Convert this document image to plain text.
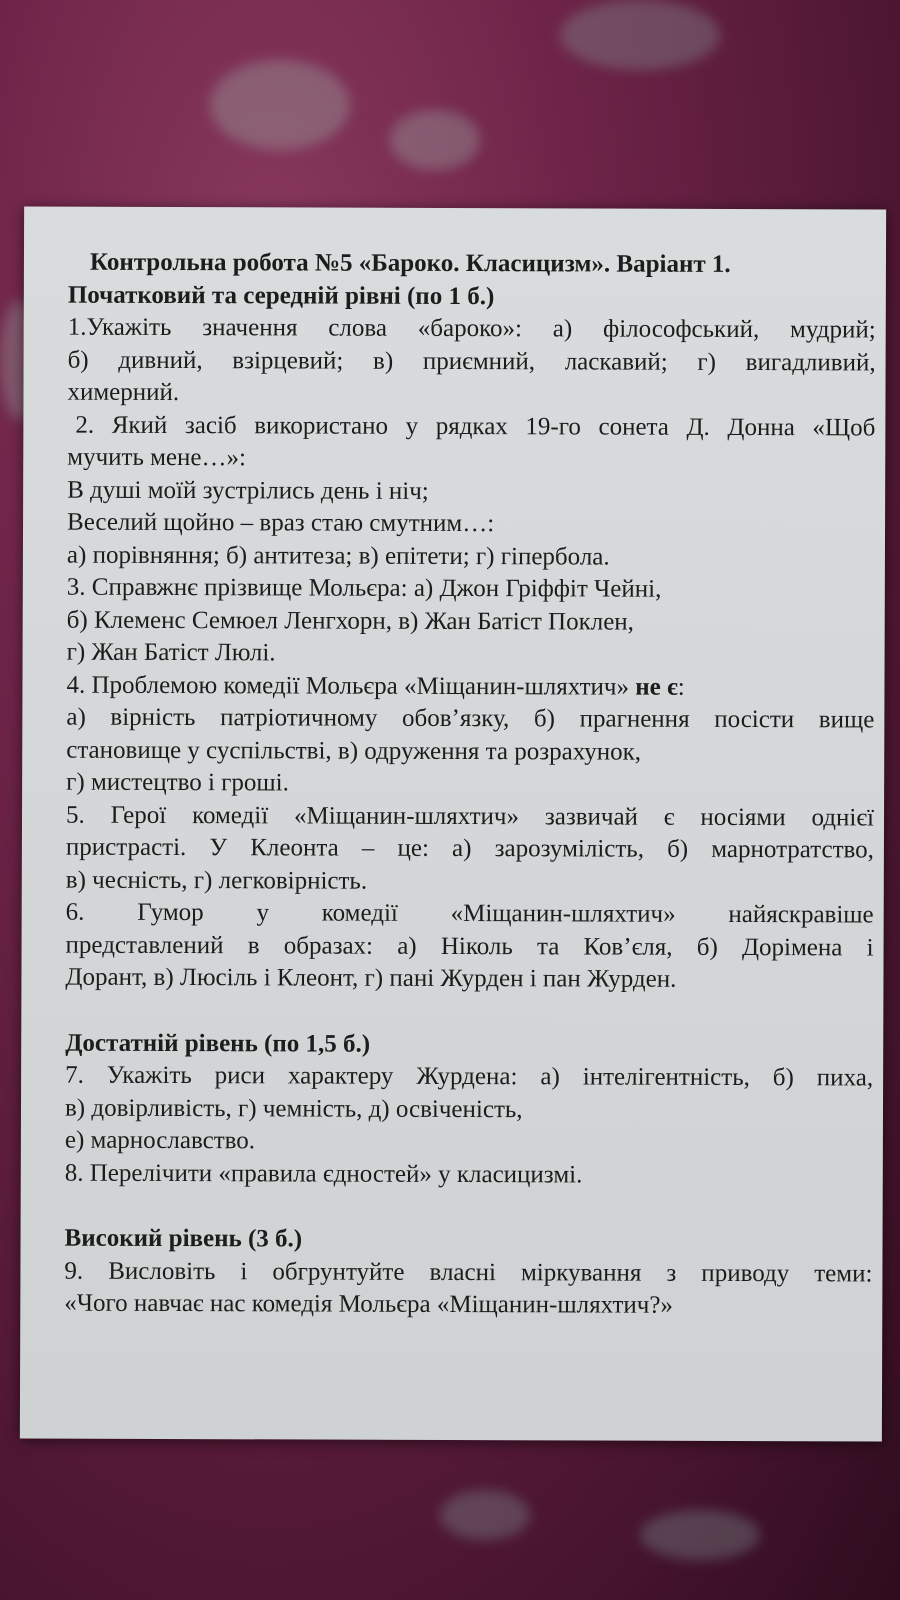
Контрольна робота №5 «Бароко. Класицизм». Варіант 1.
Початковий та середній рівні (по 1 б.)
1.Укажіть значення слова «бароко»: а) філософський, мудрий;
б) дивний, взірцевий; в) приємний, ласкавий; г) вигадливий,
химерний.
2. Який засіб використано у рядках 19-го сонета Д. Донна «Щоб
мучить мене…»:
В душі моїй зустрілись день і ніч;
Веселий щойно – враз стаю смутним…:
а) порівняння; б) антитеза; в) епітети; г) гіпербола.
3. Справжнє прізвище Мольєра: а) Джон Гріффіт Чейні,
б) Клеменс Семюел Ленгхорн, в) Жан Батіст Поклен,
г) Жан Батіст Люлі.
4. Проблемою комедії Мольєра «Міщанин-шляхтич» не є:
а) вірність патріотичному обов’язку, б) прагнення посісти вище
становище у суспільстві, в) одруження та розрахунок,
г) мистецтво і гроші.
5. Герої комедії «Міщанин-шляхтич» зазвичай є носіями однієї
пристрасті. У Клеонта – це: а) зарозумілість, б) марнотратство,
в) чесність, г) легковірність.
6. Гумор у комедії «Міщанин-шляхтич» найяскравіше
представлений в образах: а) Ніколь та Ков’єля, б) Дорімена і
Дорант, в) Люсіль і Клеонт, г) пані Журден і пан Журден.
Достатній рівень (по 1,5 б.)
7. Укажіть риси характеру Журдена: а) інтелігентність, б) пиха,
в) довірливість, г) чемність, д) освіченість,
е) марнославство.
8. Перелічити «правила єдностей» у класицизмі.
Високий рівень (3 б.)
9. Висловіть і обгрунтуйте власні міркування з приводу теми:
«Чого навчає нас комедія Мольєра «Міщанин-шляхтич?»
